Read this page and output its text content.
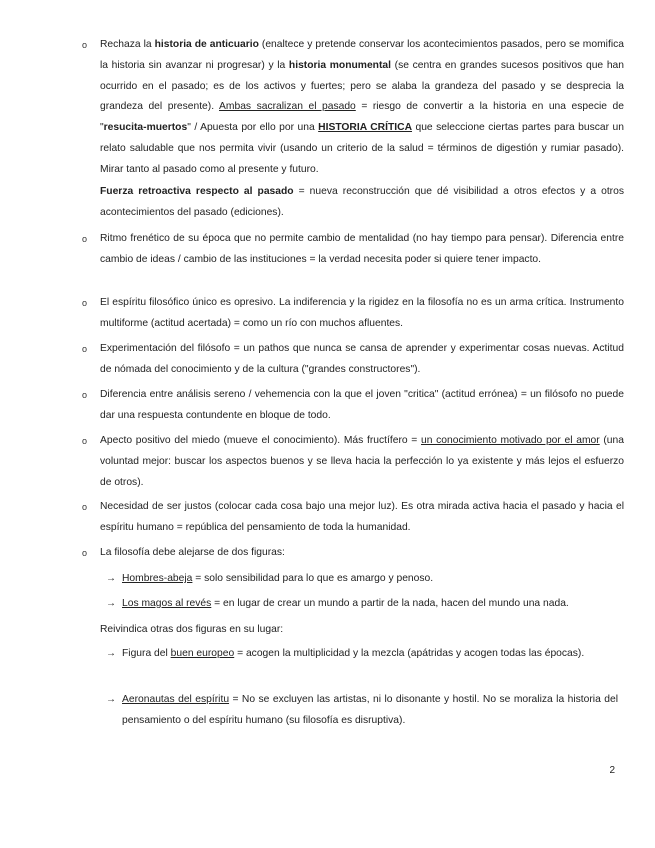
o

Rechaza la historia de anticuario (enaltece y pretende conservar los acontecimientos pasados, pero se momifica la historia sin avanzar ni progresar) y la historia monumental (se centra en grandes sucesos positivos que han ocurrido en el pasado; es de los activos y fuertes; pero se alaba la grandeza del pasado y se desprecia la grandeza del presente). Ambas sacralizan el pasado = riesgo de convertir a la historia en una especie de "resucita-muertos" / Apuesta por ello por una HISTORIA CRÍTICA que seleccione ciertas partes para buscar un relato saludable que nos permita vivir (usando un criterio de la salud = términos de digestión y rumiar pasado). Mirar tanto al pasado como al presente y futuro.

Fuerza retroactiva respecto al pasado = nueva reconstrucción que dé visibilidad a otros efectos y a otros acontecimientos del pasado (ediciones).

o

Ritmo frenético de su época que no permite cambio de mentalidad (no hay tiempo para pensar). Diferencia entre cambio de ideas / cambio de las instituciones = la verdad necesita poder si quiere tener impacto.

o

El espíritu filosófico único es opresivo. La indiferencia y la rigidez en la filosofía no es un arma crítica. Instrumento multiforme (actitud acertada) = como un río con muchos afluentes.

o

Experimentación del filósofo = un pathos que nunca se cansa de aprender y experimentar cosas nuevas. Actitud de nómada del conocimiento y de la cultura ("grandes constructores").

o

Diferencia entre análisis sereno / vehemencia con la que el joven "critica" (actitud errónea) = un filósofo no puede dar una respuesta contundente en bloque de todo.

o

Apecto positivo del miedo (mueve el conocimiento). Más fructífero = un conocimiento motivado por el amor (una voluntad mejor: buscar los aspectos buenos y se lleva hacia la perfección lo ya existente y más lejos el esfuerzo de otros).

o

Necesidad de ser justos (colocar cada cosa bajo una mejor luz). Es otra mirada activa hacia el pasado y hacia el espíritu humano = república del pensamiento de toda la humanidad.

o

La filosofía debe alejarse de dos figuras:

→ Hombres-abeja = solo sensibilidad para lo que es amargo y penoso.

→ Los magos al revés = en lugar de crear un mundo a partir de la nada, hacen del mundo una nada.

Reivindica otras dos figuras en su lugar:

→ Figura del buen europeo = acogen la multiplicidad y la mezcla (apátridas y acogen todas las épocas).

→ Aeronautas del espíritu = No se excluyen las artistas, ni lo disonante y hostil. No se moraliza la historia del pensamiento o del espíritu humano (su filosofía es disruptiva).

2
